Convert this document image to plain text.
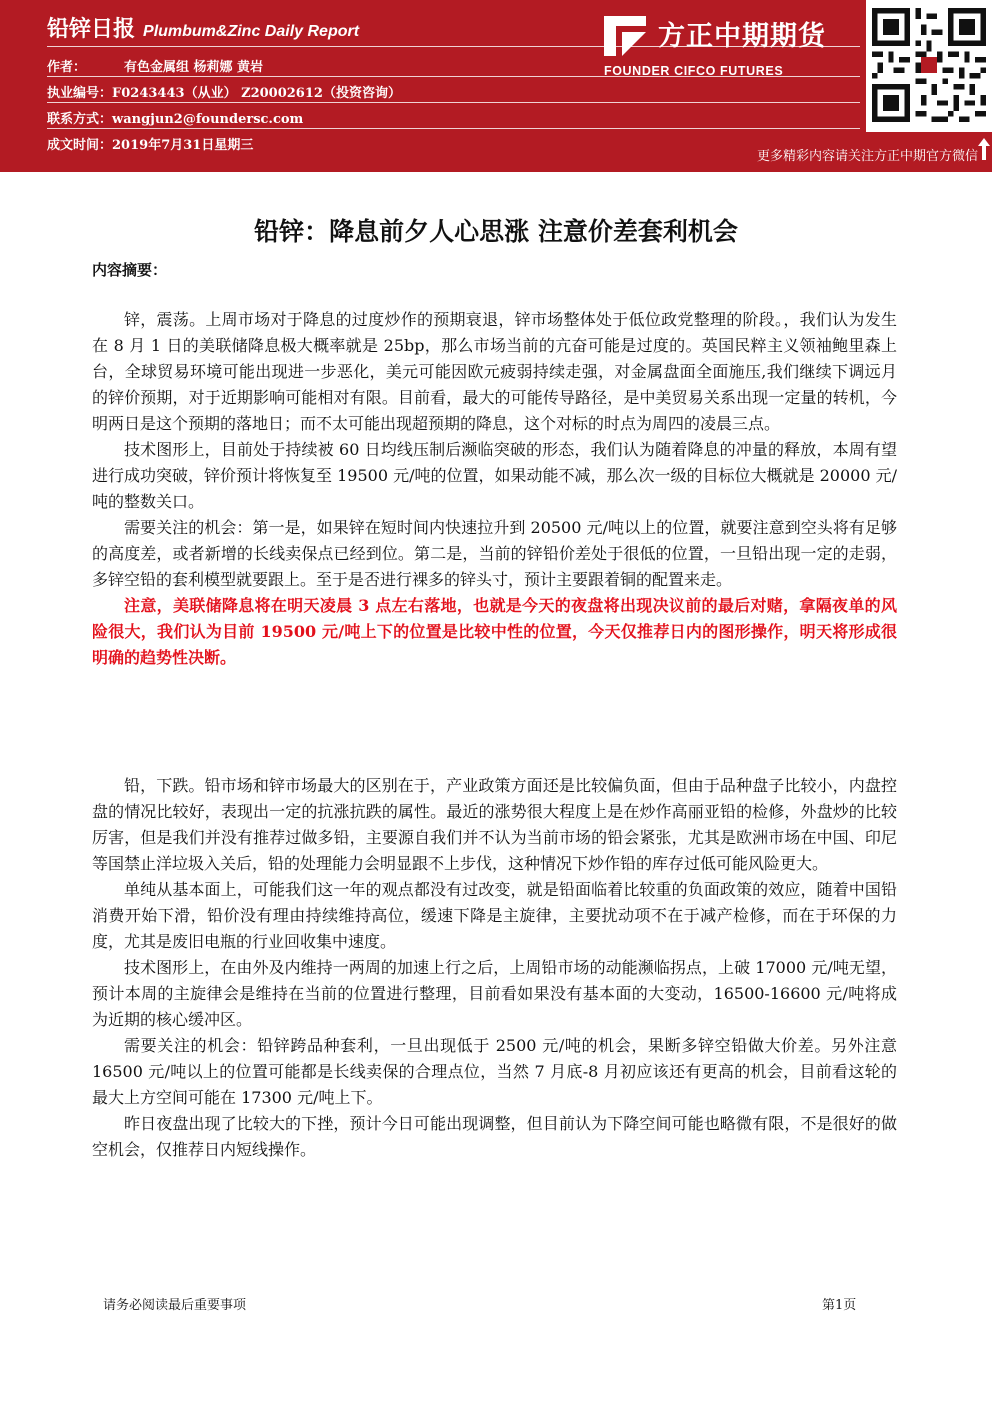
铅锌日报 Plumbum&Zinc Daily Report
作者：	有色金属组 杨莉娜 黄岩
执业编号：F0243443（从业） Z20002612（投资咨询）
联系方式：wangjun2@foundersc.com
成文时间：2019年7月31日星期三
方正中期期货
FOUNDER CIFCO FUTURES
更多精彩内容请关注方正中期官方微信
铅锌：降息前夕人心思涨 注意价差套利机会
内容摘要：

锌，震荡。上周市场对于降息的过度炒作的预期衰退，锌市场整体处于低位政党整理的阶段。，我们认为发生在 8 月 1 日的美联储降息极大概率就是 25bp，那么市场当前的亢奋可能是过度的。英国民粹主义领袖鲍里森上台，全球贸易环境可能出现进一步恶化，美元可能因欧元疲弱持续走强，对金属盘面全面施压,我们继续下调远月的锌价预期，对于近期影响可能相对有限。目前看，最大的可能传导路径，是中美贸易关系出现一定量的转机，今明两日是这个预期的落地日；而不太可能出现超预期的降息，这个对标的时点为周四的凌晨三点。

技术图形上，目前处于持续被 60 日均线压制后濒临突破的形态，我们认为随着降息的冲量的释放，本周有望进行成功突破，锌价预计将恢复至 19500 元/吨的位置，如果动能不减，那么次一级的目标位大概就是 20000 元/吨的整数关口。

需要关注的机会：第一是，如果锌在短时间内快速拉升到 20500 元/吨以上的位置，就要注意到空头将有足够的高度差，或者新增的长线卖保点已经到位。第二是，当前的锌铅价差处于很低的位置，一旦铅出现一定的走弱，多锌空铅的套利模型就要跟上。至于是否进行裸多的锌头寸，预计主要跟着铜的配置来走。

注意，美联储降息将在明天凌晨 3 点左右落地，也就是今天的夜盘将出现决议前的最后对赌，拿隔夜单的风险很大，我们认为目前 19500 元/吨上下的位置是比较中性的位置，今天仅推荐日内的图形操作，明天将形成很明确的趋势性决断。

铅，下跌。铅市场和锌市场最大的区别在于，产业政策方面还是比较偏负面，但由于品种盘子比较小，内盘控盘的情况比较好，表现出一定的抗涨抗跌的属性。最近的涨势很大程度上是在炒作高丽亚铅的检修，外盘炒的比较厉害，但是我们并没有推荐过做多铅，主要源自我们并不认为当前市场的铅会紧张，尤其是欧洲市场在中国、印尼等国禁止洋垃圾入关后，铅的处理能力会明显跟不上步伐，这种情况下炒作铅的库存过低可能风险更大。

单纯从基本面上，可能我们这一年的观点都没有过改变，就是铅面临着比较重的负面政策的效应，随着中国铅消费开始下滑，铅价没有理由持续维持高位，缓速下降是主旋律，主要扰动项不在于减产检修，而在于环保的力度，尤其是废旧电瓶的行业回收集中速度。

技术图形上，在由外及内维持一两周的加速上行之后，上周铅市场的动能濒临拐点，上破 17000 元/吨无望，预计本周的主旋律会是维持在当前的位置进行整理，目前看如果没有基本面的大变动，16500-16600 元/吨将成为近期的核心缓冲区。

需要关注的机会：铅锌跨品种套利，一旦出现低于 2500 元/吨的机会，果断多锌空铅做大价差。另外注意 16500 元/吨以上的位置可能都是长线卖保的合理点位，当然 7 月底-8 月初应该还有更高的机会，目前看这轮的最大上方空间可能在 17300 元/吨上下。

昨日夜盘出现了比较大的下挫，预计今日可能出现调整，但目前认为下降空间可能也略微有限，不是很好的做空机会，仅推荐日内短线操作。

请务必阅读最后重要事项	第1页
